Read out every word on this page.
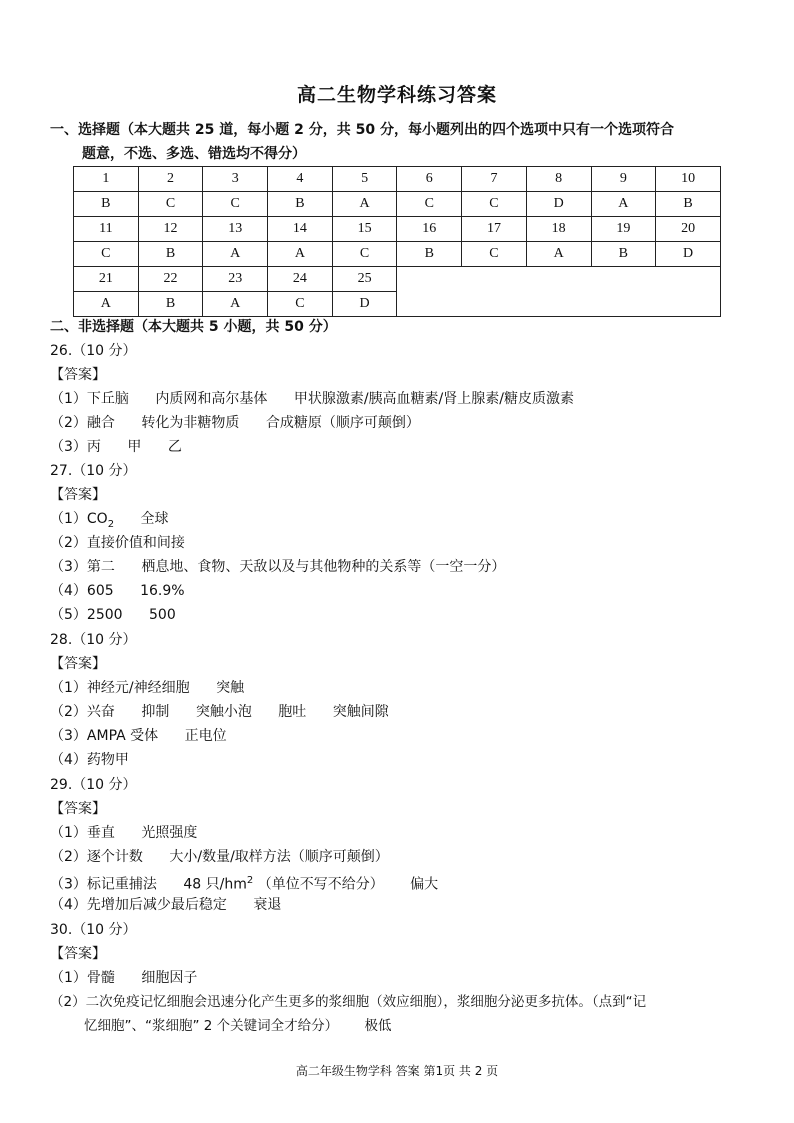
高二生物学科练习答案
一、选择题（本大题共 25 道，每小题 2 分，共 50 分，每小题列出的四个选项中只有一个选项符合
题意，不选、多选、错选均不得分）
1	2	3	4	5	6	7	8	9	10
B	C	C	B	A	C	C	D	A	B
11	12	13	14	15	16	17	18	19	20
C	B	A	A	C	B	C	A	B	D
21	22	23	24	25					
A	B	A	C	D					
二、非选择题（本大题共 5 小题，共 50 分）
26.（10 分）
【答案】
（1）下丘脑 内质网和高尔基体 甲状腺激素/胰高血糖素/肾上腺素/糖皮质激素
（2）融合 转化为非糖物质 合成糖原（顺序可颠倒）
（3）丙 甲 乙
27.（10 分）
【答案】
$(1)CO_2$ 全球
（2）直接价值和间接
（3）第二 栖息地、食物、天敌以及与其他物种的关系等（一空一分）
（4）605 16.9%
（5）2500 500
28.（10 分）
【答案】
（1）神经元/神经细胞 突触
（2）兴奋 抑制 突触小泡 胞吐 突触间隙
（3）AMPA 受体 正电位
（4）药物甲
29.（10 分）
【答案】
（1）垂直 光照强度
（2）逐个计数 大小/数量/取样方法（顺序可颠倒）
（3）标记重捕法 48 只$/hm^2$ （单位不写不给分） 偏大
（4）先增加后减少最后稳定 衰退
30.（10 分）
【答案】
（1）骨髓 细胞因子
（2）二次免疫记忆细胞会迅速分化产生更多的浆细胞（效应细胞），浆细胞分泌更多抗体。（点到“记
忆细胞”、“浆细胞” 2 个关键词全才给分） 极低
高二年级生物学科 答案 第1页 共 2 页
